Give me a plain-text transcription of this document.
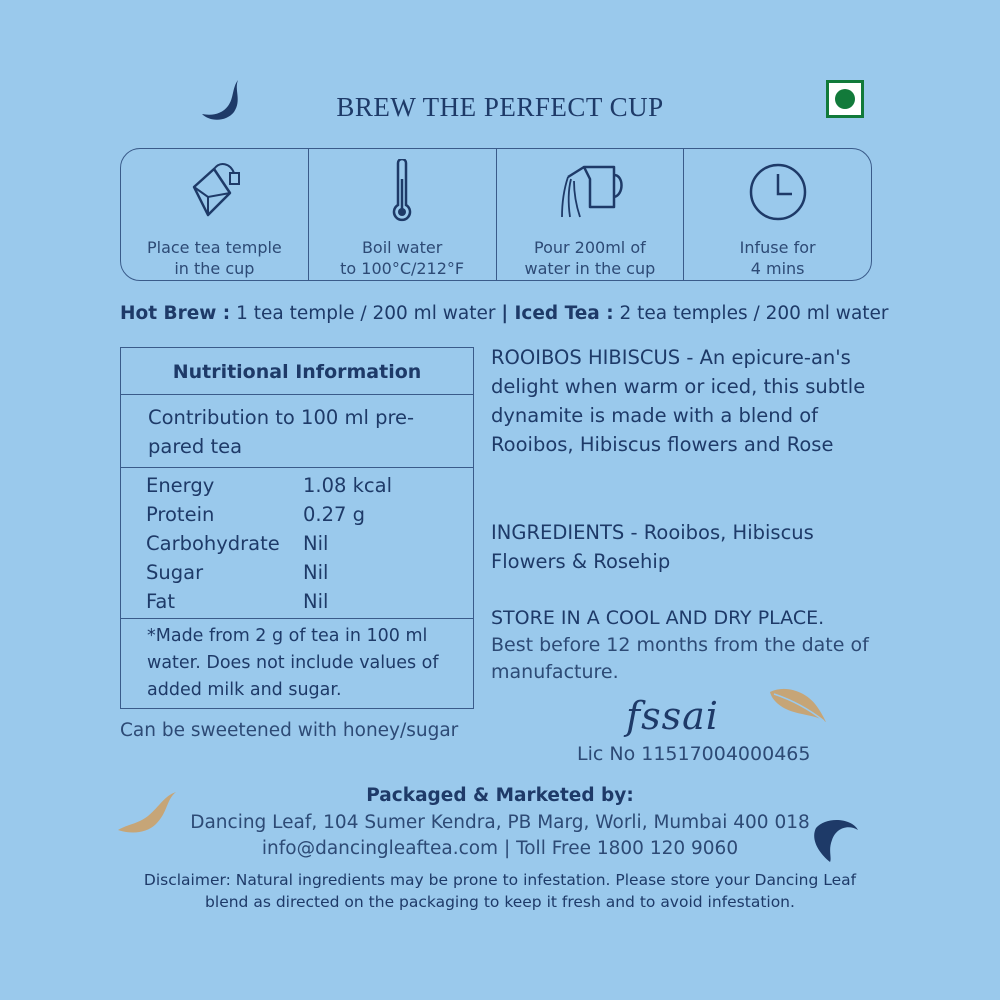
BREW THE PERFECT CUP
Place tea temple
in the cup
Boil water
to 100°C/212°F
Pour 200ml of
water in the cup
Infuse for
4 mins
Hot Brew : 1 tea temple / 200 ml water | Iced Tea : 2 tea temples / 200 ml water
Nutritional Information
Contribution to 100 ml pre-
pared tea
Energy	1.08 kcal
Protein	0.27 g
Carbohydrate	Nil
Sugar	Nil
Fat	Nil
*Made from 2 g of tea in 100 ml water. Does not include values of added milk and sugar.
Can be sweetened with honey/sugar
ROOIBOS HIBISCUS - An epicure-an's delight when warm or iced, this subtle dynamite is made with a blend of Rooibos, Hibiscus flowers and Rose
INGREDIENTS - Rooibos, Hibiscus Flowers & Rosehip
STORE IN A COOL AND DRY PLACE.
Best before 12 months from the date of manufacture.
fssai
Lic No 11517004000465
Packaged & Marketed by:
Dancing Leaf, 104 Sumer Kendra, PB Marg, Worli, Mumbai 400 018
info@dancingleaftea.com | Toll Free 1800 120 9060
Disclaimer: Natural ingredients may be prone to infestation. Please store your Dancing Leaf blend as directed on the packaging to keep it fresh and to avoid infestation.
